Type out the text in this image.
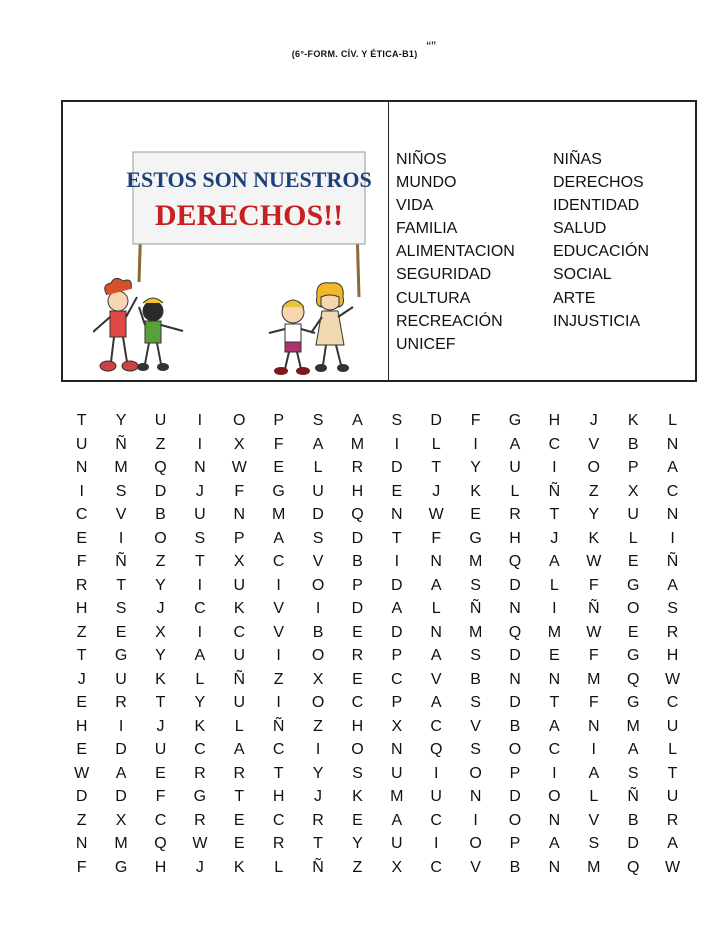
(6°-FORM. CÍV. Y ÉTICA-B1) “”
ESTOS SON NUESTROS
DERECHOS!!
NIÑOS	NIÑAS
MUNDO	DERECHOS
VIDA	IDENTIDAD
FAMILIA	SALUD
ALIMENTACION EDUCACIÓN
SEGURIDAD	SOCIAL
CULTURA	ARTE
RECREACIÓN	INJUSTICIA
UNICEF
T	Y	U	I	O	P	S	A	S	D	F	G	H	J	K	L
U	Ñ	Z	I	X	F	A	M	I	L	I	A	C	V	B	N
N	M	Q	N	W	E	L	R	D	T	Y	U	I	O	P	A
I	S	D	J	F	G	U	H	E	J	K	L	Ñ	Z	X	C
C	V	B	U	N	M	D	Q	N	W	E	R	T	Y	U	N
E	I	O	S	P	A	S	D	T	F	G	H	J	K	L	I
F	Ñ	Z	T	X	C	V	B	I	N	M	Q	A	W	E	Ñ
R	T	Y	I	U	I	O	P	D	A	S	D	L	F	G	A
H	S	J	C	K	V	I	D	A	L	Ñ	N	I	Ñ	O	S
Z	E	X	I	C	V	B	E	D	N	M	Q	M	W	E	R
T	G	Y	A	U	I	O	R	P	A	S	D	E	F	G	H
J	U	K	L	Ñ	Z	X	E	C	V	B	N	N	M	Q	W
E	R	T	Y	U	I	O	C	P	A	S	D	T	F	G	C
H	I	J	K	L	Ñ	Z	H	X	C	V	B	A	N	M	U
E	D	U	C	A	C	I	O	N	Q	S	O	C	I	A	L
W	A	E	R	R	T	Y	S	U	I	O	P	I	A	S	T
D	D	F	G	T	H	J	K	M	U	N	D	O	L	Ñ	U
Z	X	C	R	E	C	R	E	A	C	I	O	N	V	B	R
N	M	Q	W	E	R	T	Y	U	I	O	P	A	S	D	A
F	G	H	J	K	L	Ñ	Z	X	C	V	B	N	M	Q	W
